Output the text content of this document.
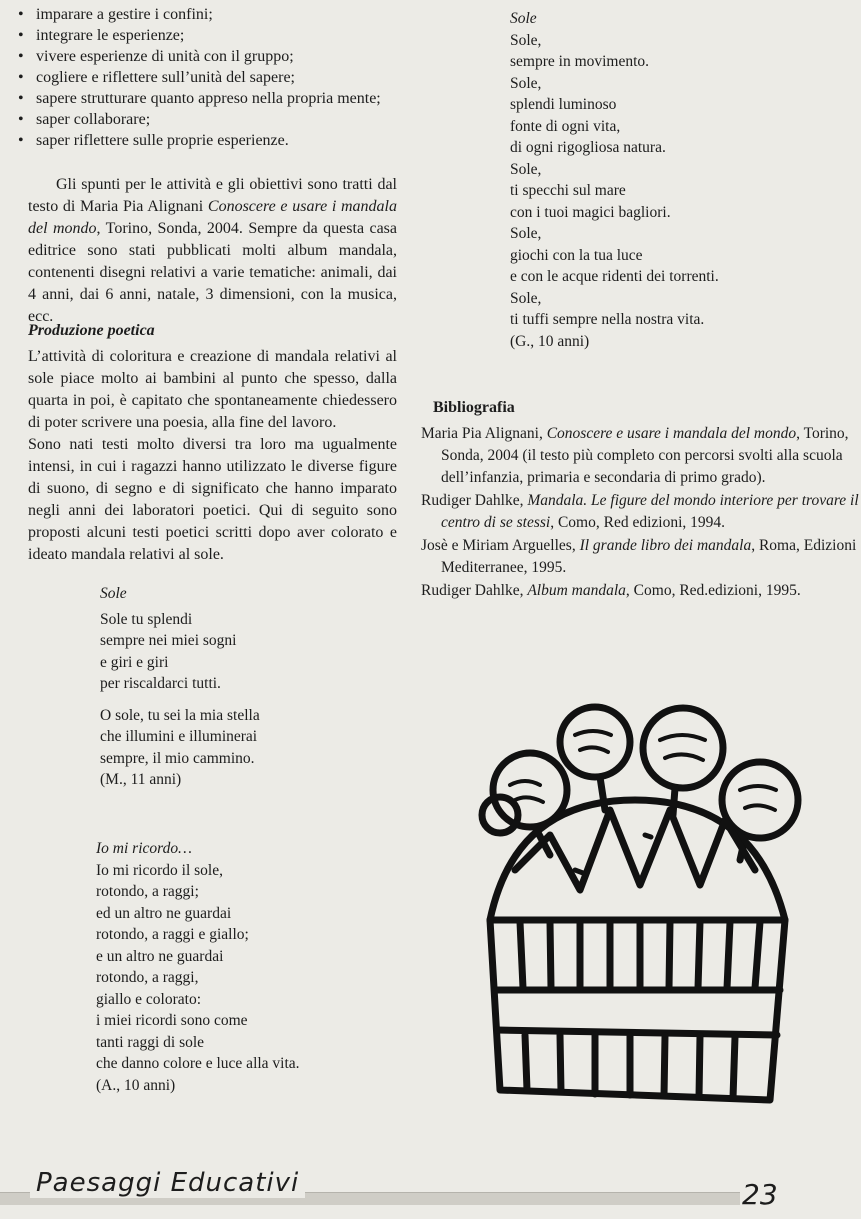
• imparare a gestire i confini;
• integrare le esperienze;
• vivere esperienze di unità con il gruppo;
• cogliere e riflettere sull’unità del sapere;
• sapere strutturare quanto appreso nella propria mente;
• saper collaborare;
• saper riflettere sulle proprie esperienze.

Gli spunti per le attività e gli obiettivi sono tratti dal testo di Maria Pia Alignani Conoscere e usare i mandala del mondo, Torino, Sonda, 2004. Sempre da questa casa editrice sono stati pubblicati molti album mandala, contenenti disegni relativi a varie tematiche: animali, dai 4 anni, dai 6 anni, natale, 3 dimensioni, con la musica, ecc.

Produzione poetica

L’attività di coloritura e creazione di mandala relativi al sole piace molto ai bambini al punto che spesso, dalla quarta in poi, è capitato che spontaneamente chiedessero di poter scrivere una poesia, alla fine del lavoro.

Sono nati testi molto diversi tra loro ma ugualmente intensi, in cui i ragazzi hanno utilizzato le diverse figure di suono, di segno e di significato che hanno imparato negli anni dei laboratori poetici. Qui di seguito sono proposti alcuni testi poetici scritti dopo aver colorato e ideato mandala relativi al sole.

Sole
Sole tu splendi
sempre nei miei sogni
e giri e giri
per riscaldarci tutti.
O sole, tu sei la mia stella
che illumini e illuminerai
sempre, il mio cammino.
(M., 11 anni)
Io mi ricordo…
Io mi ricordo il sole,
rotondo, a raggi;
ed un altro ne guardai
rotondo, a raggi e giallo;
e un altro ne guardai
rotondo, a raggi,
giallo e colorato:
i miei ricordi sono come
tanti raggi di sole
che danno colore e luce alla vita.
(A., 10 anni)
Sole
Sole,
sempre in movimento.
Sole,
splendi luminoso
fonte di ogni vita,
di ogni rigogliosa natura.
Sole,
ti specchi sul mare
con i tuoi magici bagliori.
Sole,
giochi con la tua luce
e con le acque ridenti dei torrenti.
Sole,
ti tuffi sempre nella nostra vita.
(G., 10 anni)
Bibliografia
Maria Pia Alignani, Conoscere e usare i mandala del mondo, Torino, Sonda, 2004 (il testo più completo con percorsi svolti alla scuola dell’infanzia, primaria e secondaria di primo grado).
Rudiger Dahlke, Mandala. Le figure del mondo interiore per trovare il centro di se stessi, Como, Red edizioni, 1994.
Josè e Miriam Arguelles, Il grande libro dei mandala, Roma, Edizioni Mediterranee, 1995.
Rudiger Dahlke, Album mandala, Como, Red.edizioni, 1995.
Paesaggi Educativi	23
